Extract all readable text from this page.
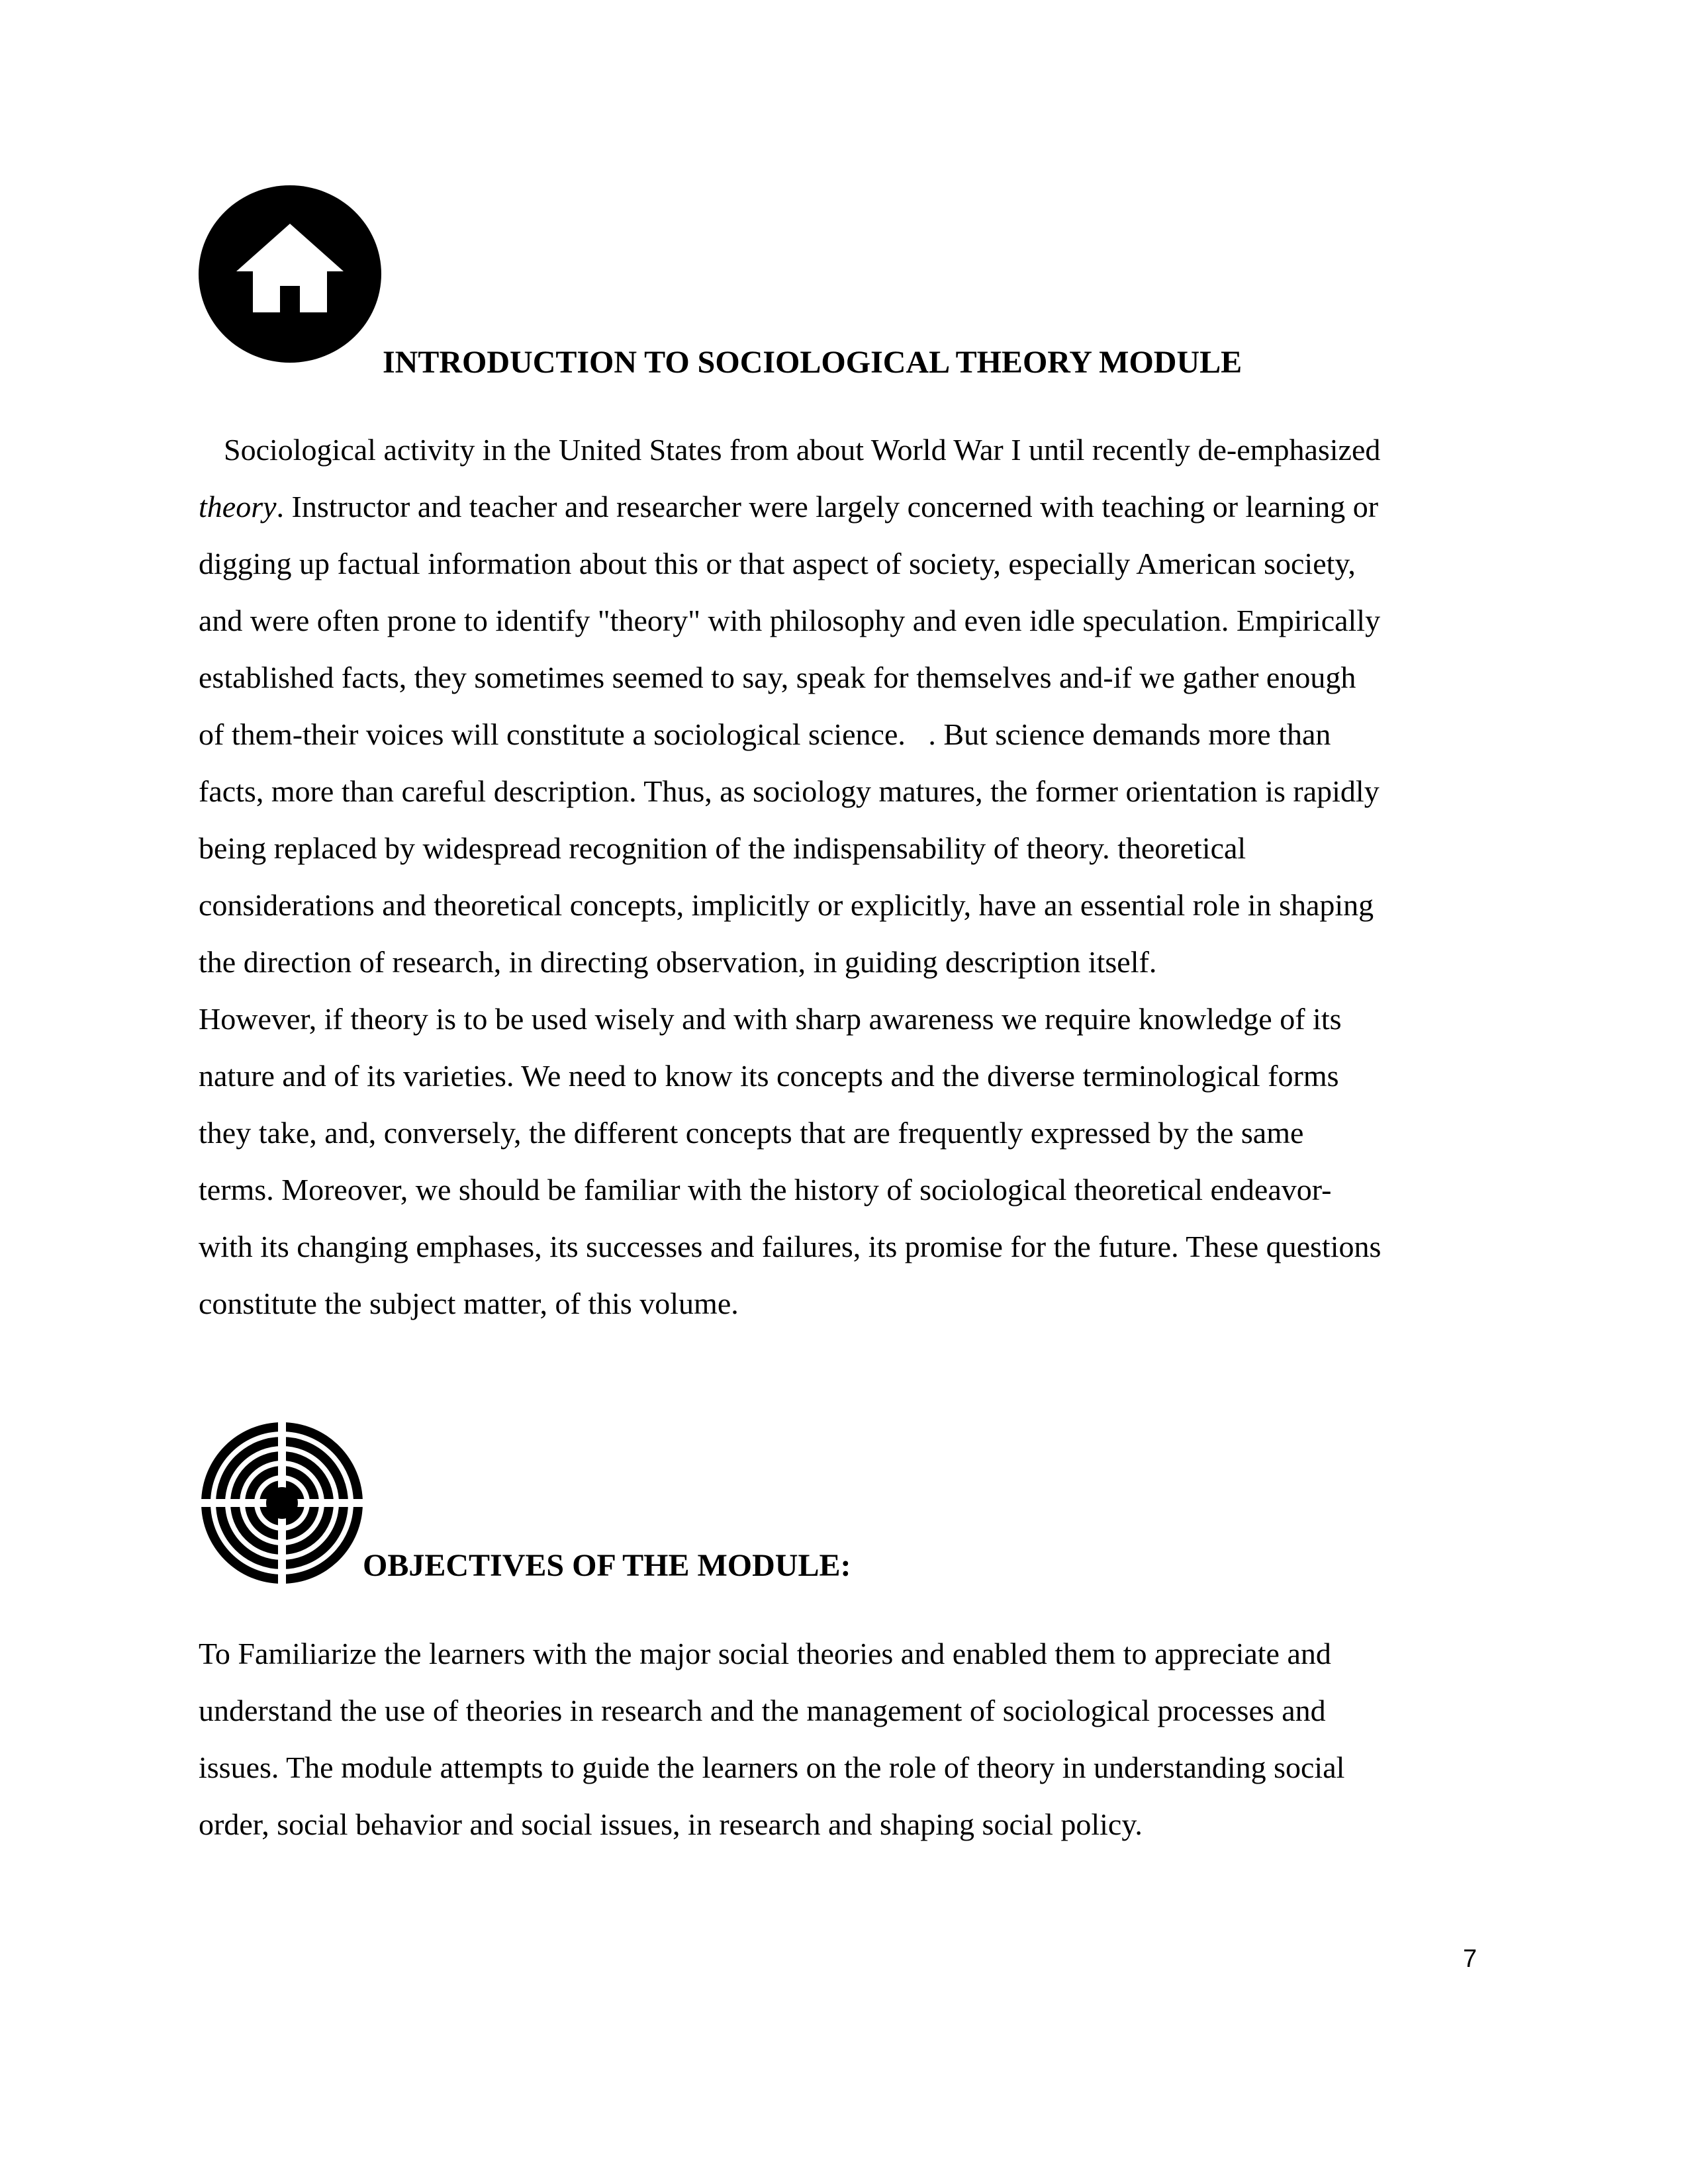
INTRODUCTION TO SOCIOLOGICAL THEORY MODULE
Sociological activity in the United States from about World War I until recently de-emphasized
theory. Instructor and teacher and researcher were largely concerned with teaching or learning or
digging up factual information about this or that aspect of society, especially American society,
and were often prone to identify "theory" with philosophy and even idle speculation. Empirically
established facts, they sometimes seemed to say, speak for themselves and-if we gather enough
of them-their voices will constitute a sociological science.   . But science demands more than
facts, more than careful description. Thus, as sociology matures, the former orientation is rapidly
being replaced by widespread recognition of the indispensability of theory. theoretical
considerations and theoretical concepts, implicitly or explicitly, have an essential role in shaping
the direction of research, in directing observation, in guiding description itself.
However, if theory is to be used wisely and with sharp awareness we require knowledge of its
nature and of its varieties. We need to know its concepts and the diverse terminological forms
they take, and, conversely, the different concepts that are frequently expressed by the same
terms. Moreover, we should be familiar with the history of sociological theoretical endeavor-
with its changing emphases, its successes and failures, its promise for the future. These questions
constitute the subject matter, of this volume.
OBJECTIVES OF THE MODULE:
To Familiarize the learners with the major social theories and enabled them to appreciate and
understand the use of theories in research and the management of sociological processes and
issues. The module attempts to guide the learners on the role of theory in understanding social
order, social behavior and social issues, in research and shaping social policy.
7
